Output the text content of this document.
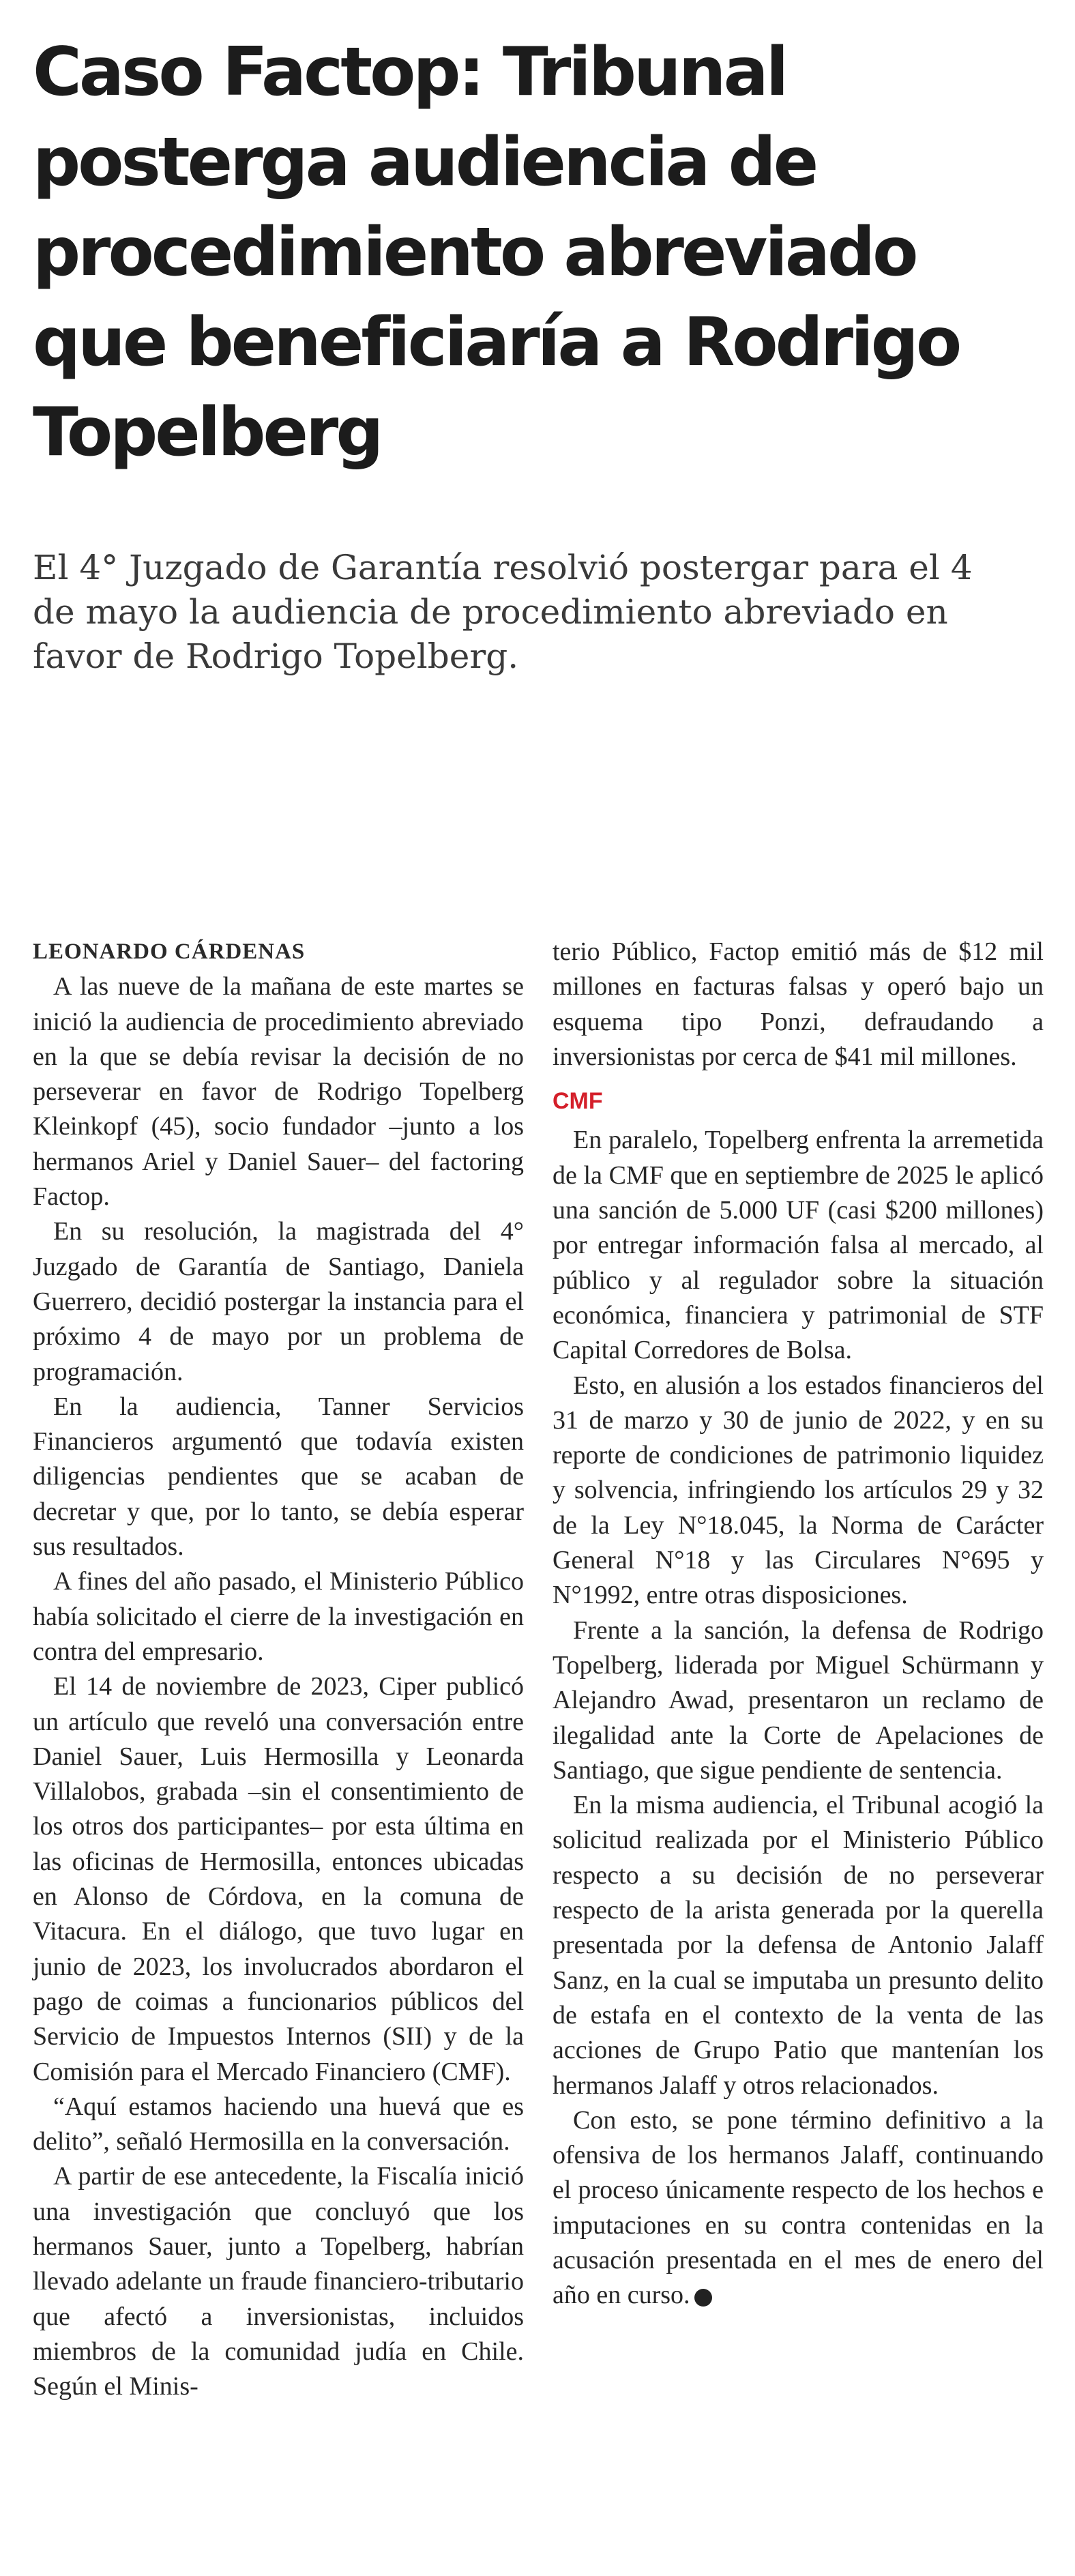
Caso Factop: Tribunal posterga audiencia de procedimiento abreviado que beneficiaría a Rodrigo Topelberg

El 4° Juzgado de Garantía resolvió postergar para el 4 de mayo la audiencia de procedimiento abreviado en favor de Rodrigo Topelberg.

LEONARDO CÁRDENAS

A las nueve de la mañana de este martes se inició la audiencia de procedimiento abreviado en la que se debía revisar la decisión de no perseverar en favor de Rodrigo Topelberg Kleinkopf (45), socio fundador –junto a los hermanos Ariel y Daniel Sauer– del factoring Factop.

En su resolución, la magistrada del 4° Juzgado de Garantía de Santiago, Daniela Guerrero, decidió postergar la instancia para el próximo 4 de mayo por un problema de programación.

En la audiencia, Tanner Servicios Financieros argumentó que todavía existen diligencias pendientes que se acaban de decretar y que, por lo tanto, se debía esperar sus resultados.

A fines del año pasado, el Ministerio Público había solicitado el cierre de la investigación en contra del empresario.

El 14 de noviembre de 2023, Ciper publicó un artículo que reveló una conversación entre Daniel Sauer, Luis Hermosilla y Leonarda Villalobos, grabada –sin el consentimiento de los otros dos participantes– por esta última en las oficinas de Hermosilla, entonces ubicadas en Alonso de Córdova, en la comuna de Vitacura. En el diálogo, que tuvo lugar en junio de 2023, los involucrados abordaron el pago de coimas a funcionarios públicos del Servicio de Impuestos Internos (SII) y de la Comisión para el Mercado Financiero (CMF).

“Aquí estamos haciendo una huevá que es delito”, señaló Hermosilla en la conversación.

A partir de ese antecedente, la Fiscalía inició una investigación que concluyó que los hermanos Sauer, junto a Topelberg, habrían llevado adelante un fraude financiero-tributario que afectó a inversionistas, incluidos miembros de la comunidad judía en Chile. Según el Minis-

terio Público, Factop emitió más de $12 mil millones en facturas falsas y operó bajo un esquema tipo Ponzi, defraudando a inversionistas por cerca de $41 mil millones.

CMF

En paralelo, Topelberg enfrenta la arremetida de la CMF que en septiembre de 2025 le aplicó una sanción de 5.000 UF (casi $200 millones) por entregar información falsa al mercado, al público y al regulador sobre la situación económica, financiera y patrimonial de STF Capital Corredores de Bolsa.

Esto, en alusión a los estados financieros del 31 de marzo y 30 de junio de 2022, y en su reporte de condiciones de patrimonio liquidez y solvencia, infringiendo los artículos 29 y 32 de la Ley N°18.045, la Norma de Carácter General N°18 y las Circulares N°695 y N°1992, entre otras disposiciones.

Frente a la sanción, la defensa de Rodrigo Topelberg, liderada por Miguel Schürmann y Alejandro Awad, presentaron un reclamo de ilegalidad ante la Corte de Apelaciones de Santiago, que sigue pendiente de sentencia.

En la misma audiencia, el Tribunal acogió la solicitud realizada por el Ministerio Público respecto a su decisión de no perseverar respecto de la arista generada por la querella presentada por la defensa de Antonio Jalaff Sanz, en la cual se imputaba un presunto delito de estafa en el contexto de la venta de las acciones de Grupo Patio que mantenían los hermanos Jalaff y otros relacionados.

Con esto, se pone término definitivo a la ofensiva de los hermanos Jalaff, continuando el proceso únicamente respecto de los hechos e imputaciones en su contra contenidas en la acusación presentada en el mes de enero del año en curso. P
